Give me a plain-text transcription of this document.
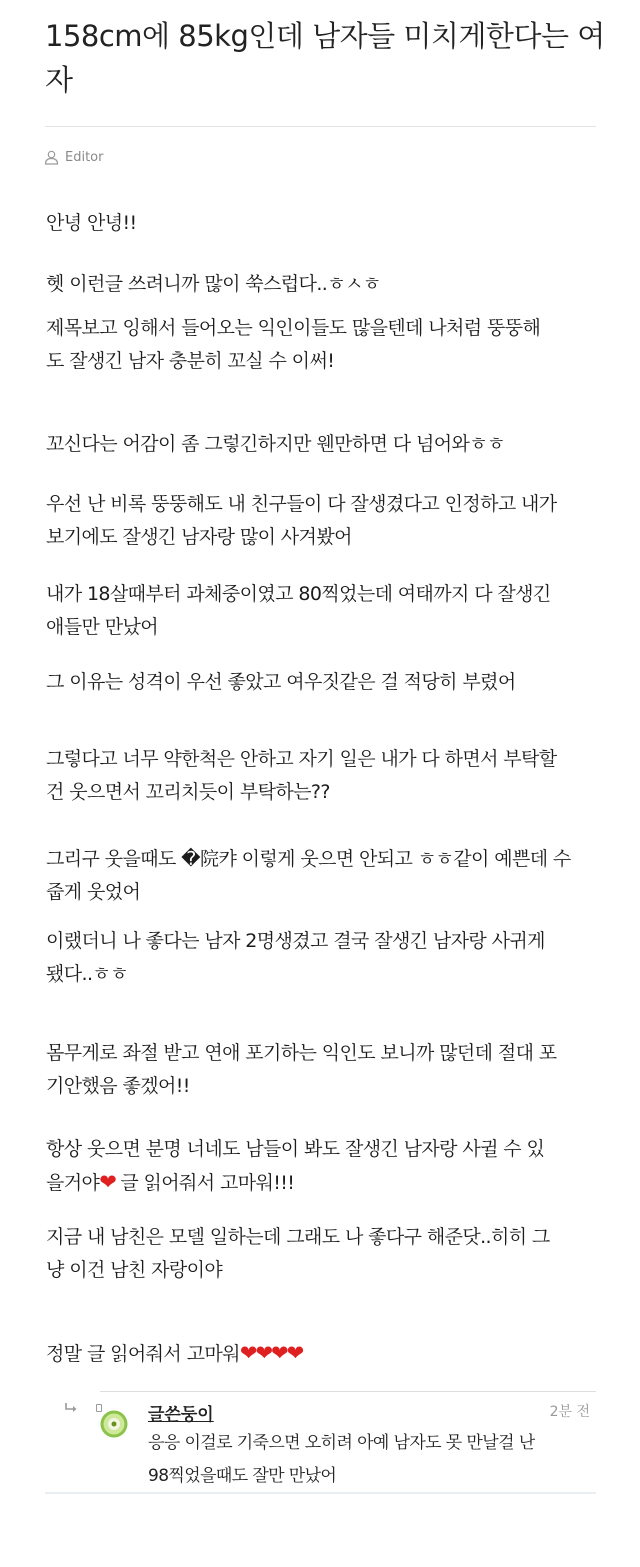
158cm에 85kg인데 남자들 미치게한다는 여자
Editor

안녕 안녕!!

헷 이런글 쓰려니까 많이 쑥스럽다..ㅎㅅㅎ

제목보고 잉해서 들어오는 익인이들도 많을텐데 나처럼 뚱뚱해
도 잘생긴 남자 충분히 꼬실 수 이써!

꼬신다는 어감이 좀 그렇긴하지만 웬만하면 다 넘어와ㅎㅎ

우선 난 비록 뚱뚱해도 내 친구들이 다 잘생겼다고 인정하고 내가
보기에도 잘생긴 남자랑 많이 사겨봤어

내가 18살때부터 과체중이였고 80찍었는데 여태까지 다 잘생긴
애들만 만났어

그 이유는 성격이 우선 좋았고 여우짓같은 걸 적당히 부렸어

그렇다고 너무 약한척은 안하고 자기 일은 내가 다 하면서 부탁할
건 웃으면서 꼬리치듯이 부탁하는??

그리구 웃을때도 �院캬 이렇게 웃으면 안되고 ㅎㅎ같이 예쁜데 수
줍게 웃었어

이랬더니 나 좋다는 남자 2명생겼고 결국 잘생긴 남자랑 사귀게
됐다..ㅎㅎ

몸무게로 좌절 받고 연애 포기하는 익인도 보니까 많던데 절대 포
기안했음 좋겠어!!

항상 웃으면 분명 너네도 남들이 봐도 잘생긴 남자랑 사귈 수 있
을거야❤ 글 읽어줘서 고마워!!!

지금 내 남친은 모델 일하는데 그래도 나 좋다구 해준닷..히히 그
냥 이건 남친 자랑이야

정말 글 읽어줘서 고마워❤❤❤❤

글쓴둥이	2분 전

응응 이걸로 기죽으면 오히려 아예 남자도 못 만날걸 난
98찍었을때도 잘만 만났어
